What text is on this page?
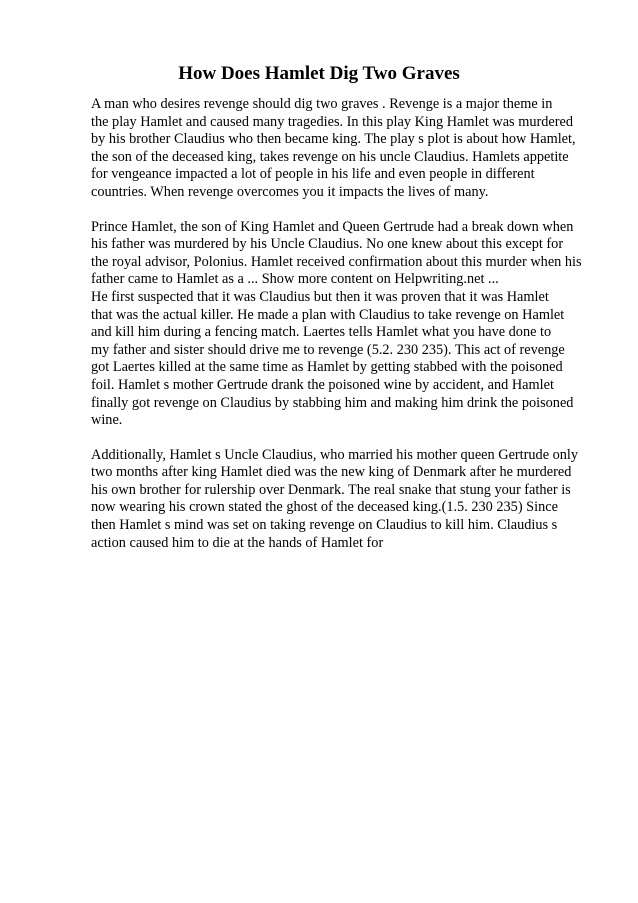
How Does Hamlet Dig Two Graves

A man who desires revenge should dig two graves . Revenge is a major theme in
the play Hamlet and caused many tragedies. In this play King Hamlet was murdered
by his brother Claudius who then became king. The play s plot is about how Hamlet,
the son of the deceased king, takes revenge on his uncle Claudius. Hamlets appetite
for vengeance impacted a lot of people in his life and even people in different
countries. When revenge overcomes you it impacts the lives of many.

Prince Hamlet, the son of King Hamlet and Queen Gertrude had a break down when
his father was murdered by his Uncle Claudius. No one knew about this except for
the royal advisor, Polonius. Hamlet received confirmation about this murder when his
father came to Hamlet as a ... Show more content on Helpwriting.net ...
He first suspected that it was Claudius but then it was proven that it was Hamlet
that was the actual killer. He made a plan with Claudius to take revenge on Hamlet
and kill him during a fencing match. Laertes tells Hamlet what you have done to
my father and sister should drive me to revenge (5.2. 230 235). This act of revenge
got Laertes killed at the same time as Hamlet by getting stabbed with the poisoned
foil. Hamlet s mother Gertrude drank the poisoned wine by accident, and Hamlet
finally got revenge on Claudius by stabbing him and making him drink the poisoned
wine.

Additionally, Hamlet s Uncle Claudius, who married his mother queen Gertrude only
two months after king Hamlet died was the new king of Denmark after he murdered
his own brother for rulership over Denmark. The real snake that stung your father is
now wearing his crown stated the ghost of the deceased king.(1.5. 230 235) Since
then Hamlet s mind was set on taking revenge on Claudius to kill him. Claudius s
action caused him to die at the hands of Hamlet for
